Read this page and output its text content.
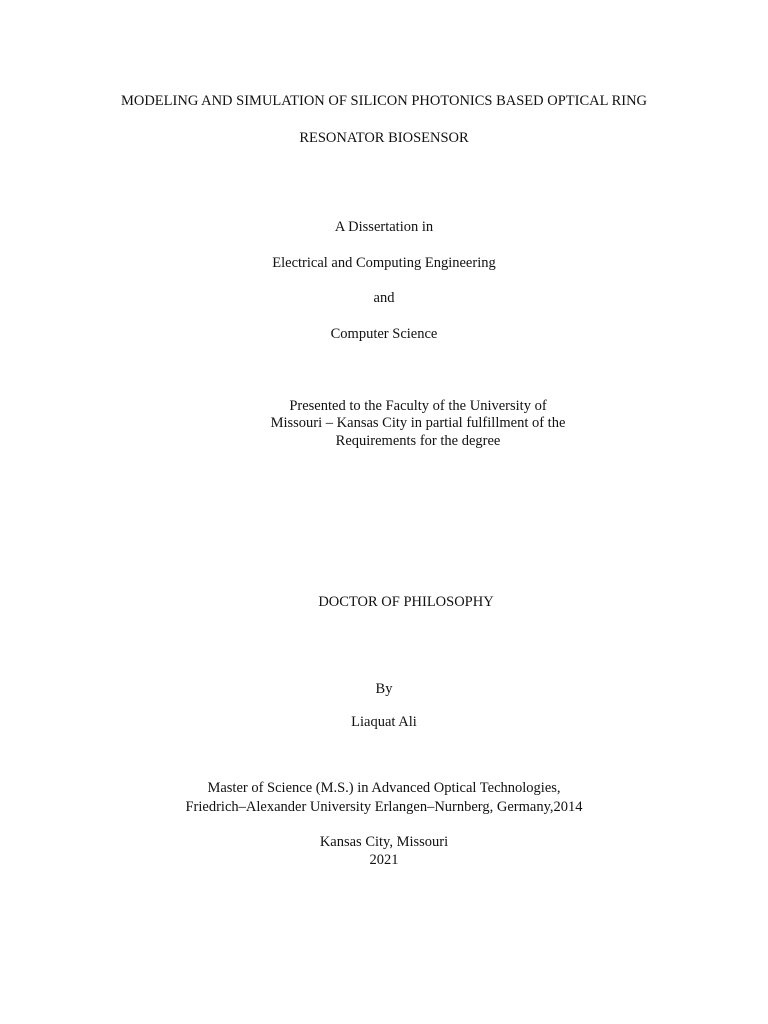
MODELING AND SIMULATION OF SILICON PHOTONICS BASED OPTICAL RING
RESONATOR BIOSENSOR
A Dissertation in
Electrical and Computing Engineering
and
Computer Science
Presented to the Faculty of the University of
Missouri – Kansas City in partial fulfillment of the
Requirements for the degree
DOCTOR OF PHILOSOPHY
By
Liaquat Ali
Master of Science (M.S.) in Advanced Optical Technologies,
Friedrich–Alexander University Erlangen–Nurnberg, Germany,2014
Kansas City, Missouri
2021
